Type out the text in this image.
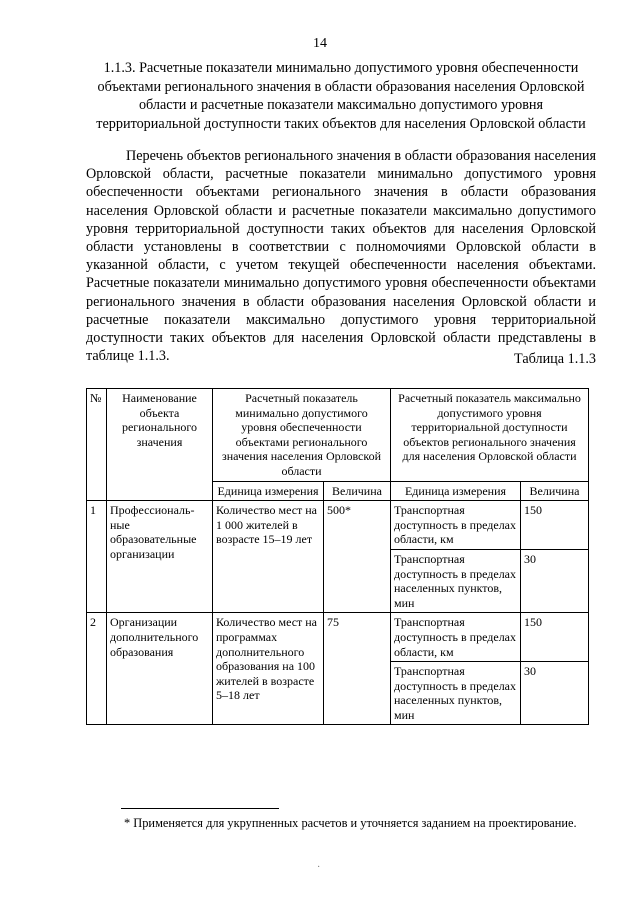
14
1.1.3. Расчетные показатели минимально допустимого уровня обеспеченности объектами регионального значения в области образования населения Орловской области и расчетные показатели максимально допустимого уровня территориальной доступности таких объектов для населения Орловской области
Перечень объектов регионального значения в области образования населения Орловской области, расчетные показатели минимально допустимого уровня обеспеченности объектами регионального значения в области образования населения Орловской области и расчетные показатели максимально допустимого уровня территориальной доступности таких объектов для населения Орловской области установлены в соответствии с полномочиями Орловской области в указанной области, с учетом текущей обеспеченности населения объектами. Расчетные показатели минимально допустимого уровня обеспеченности объектами регионального значения в области образования населения Орловской области и расчетные показатели максимально допустимого уровня территориальной доступности таких объектов для населения Орловской области представлены в таблице 1.1.3.	Таблица 1.1.3
№	Наименование объекта регионального значения	Расчетный показатель минимально допустимого уровня обеспеченности объектами регионального значения населения Орловской области		Расчетный показатель максимально допустимого уровня территориальной доступности объектов регионального значения для населения Орловской области	
		Единица измерения	Величина	Единица измерения	Величина
1	Профессиональ-ные образовательные организации	Количество мест на 1 000 жителей в возрасте 15–19 лет	500*	Транспортная доступность в пределах области, км	150
				Транспортная доступность в пределах населенных пунктов, мин	30
2	Организации дополнительного образования	Количество мест на программах дополнительного образования на 100 жителей в возрасте 5–18 лет	75	Транспортная доступность в пределах области, км	150
				Транспортная доступность в пределах населенных пунктов, мин	30
* Применяется для укрупненных расчетов и уточняется заданием на проектирование.
·
